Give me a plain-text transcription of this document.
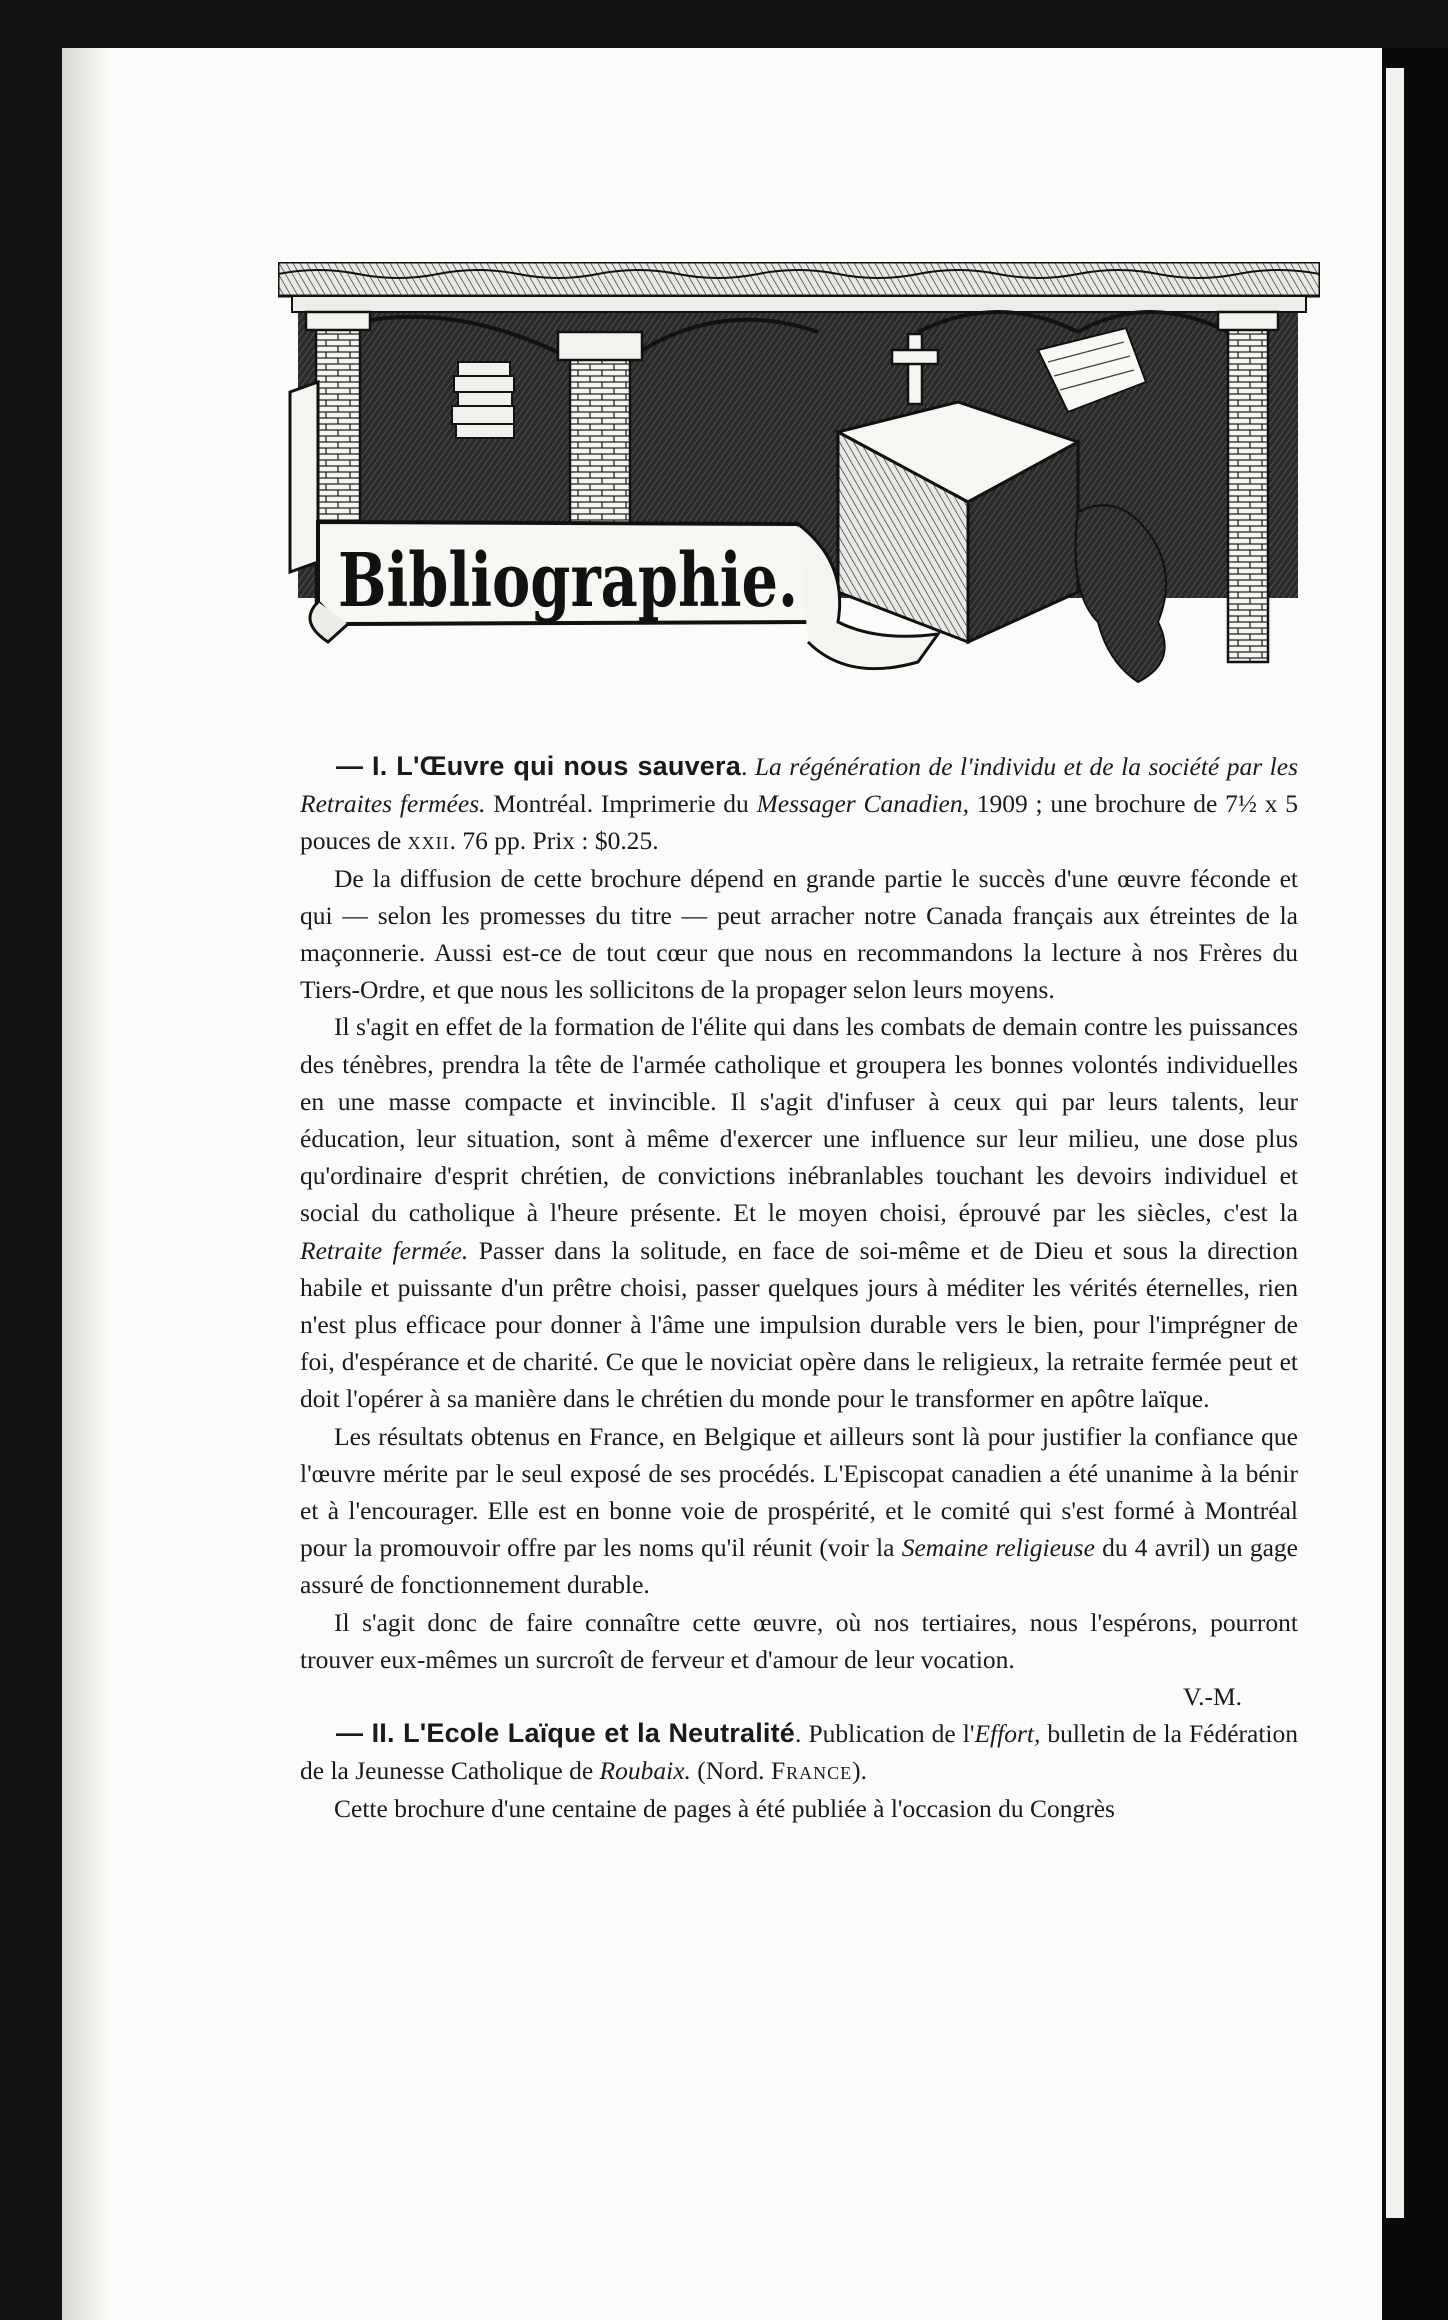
Bibliographie.

— I. L'Œuvre qui nous sauvera. La régénération de l'individu et de la société par les Retraites fermées. Montréal. Imprimerie du Messager Canadien, 1909 ; une brochure de 7½ x 5 pouces de xxii. 76 pp. Prix : $0.25.

De la diffusion de cette brochure dépend en grande partie le succès d'une œuvre féconde et qui — selon les promesses du titre — peut arracher notre Canada français aux étreintes de la maçonnerie. Aussi est-ce de tout cœur que nous en recommandons la lecture à nos Frères du Tiers-Ordre, et que nous les sollicitons de la propager selon leurs moyens.

Il s'agit en effet de la formation de l'élite qui dans les combats de demain contre les puissances des ténèbres, prendra la tête de l'armée catholique et groupera les bonnes volontés individuelles en une masse compacte et invincible. Il s'agit d'infuser à ceux qui par leurs talents, leur éducation, leur situation, sont à même d'exercer une influence sur leur milieu, une dose plus qu'ordinaire d'esprit chrétien, de convictions inébranlables touchant les devoirs individuel et social du catholique à l'heure présente. Et le moyen choisi, éprouvé par les siècles, c'est la Retraite fermée. Passer dans la solitude, en face de soi-même et de Dieu et sous la direction habile et puissante d'un prêtre choisi, passer quelques jours à méditer les vérités éternelles, rien n'est plus efficace pour donner à l'âme une impulsion durable vers le bien, pour l'imprégner de foi, d'espérance et de charité. Ce que le noviciat opère dans le religieux, la retraite fermée peut et doit l'opérer à sa manière dans le chrétien du monde pour le transformer en apôtre laïque.

Les résultats obtenus en France, en Belgique et ailleurs sont là pour justifier la confiance que l'œuvre mérite par le seul exposé de ses procédés. L'Episcopat canadien a été unanime à la bénir et à l'encourager. Elle est en bonne voie de prospérité, et le comité qui s'est formé à Montréal pour la promouvoir offre par les noms qu'il réunit (voir la Semaine religieuse du 4 avril) un gage assuré de fonctionnement durable.

Il s'agit donc de faire connaître cette œuvre, où nos tertiaires, nous l'espérons, pourront trouver eux-mêmes un surcroît de ferveur et d'amour de leur vocation.

V.-M.

— II. L'Ecole Laïque et la Neutralité. Publication de l'Effort, bulletin de la Fédération de la Jeunesse Catholique de Roubaix. (Nord. France).

Cette brochure d'une centaine de pages à été publiée à l'occasion du Congrès
